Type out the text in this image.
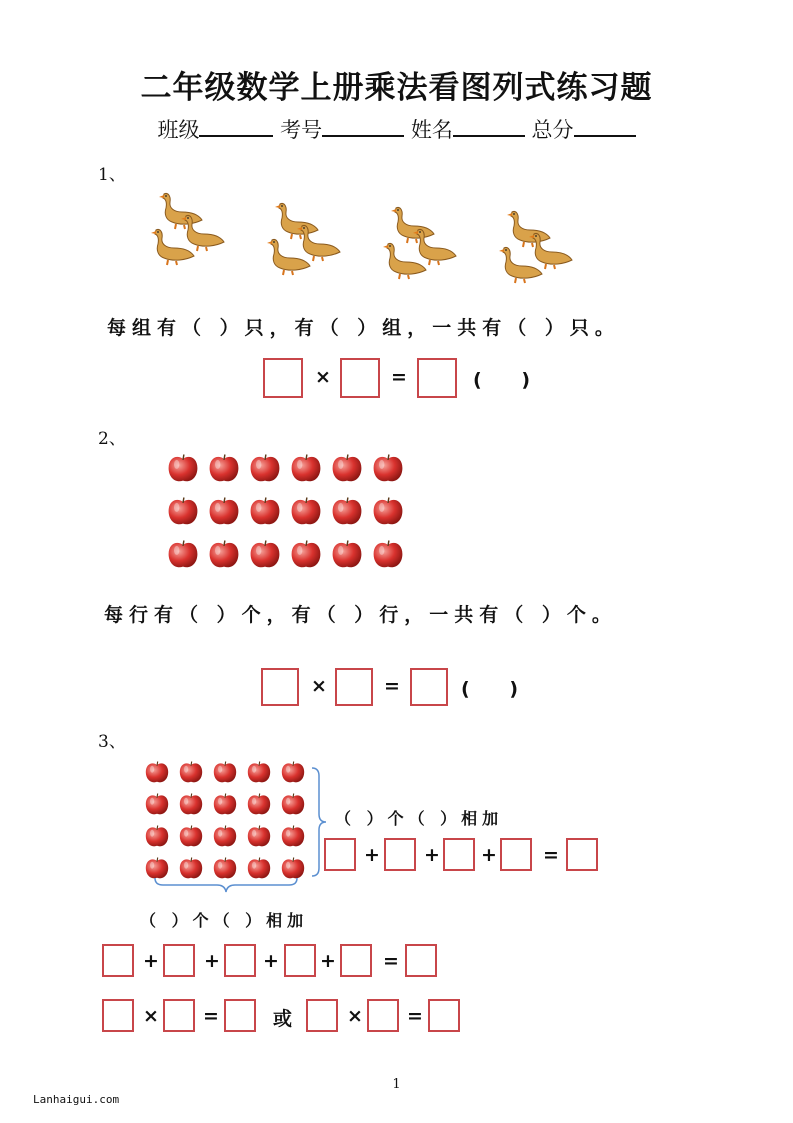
二年级数学上册乘法看图列式练习题
班级	考号	姓名	总分
1、
每组有（ ）只，有（ ）组，一共有（ ）只。
×	=	(      )
2、
每行有（ ）个，有（ ）行，一共有（ ）个。
×	=	(      )
3、
（ ）个（ ）相加
+ + + =
（ ）个（ ）相加
+ + + + =
× =	或	× =
1
Lanhaigui.com
